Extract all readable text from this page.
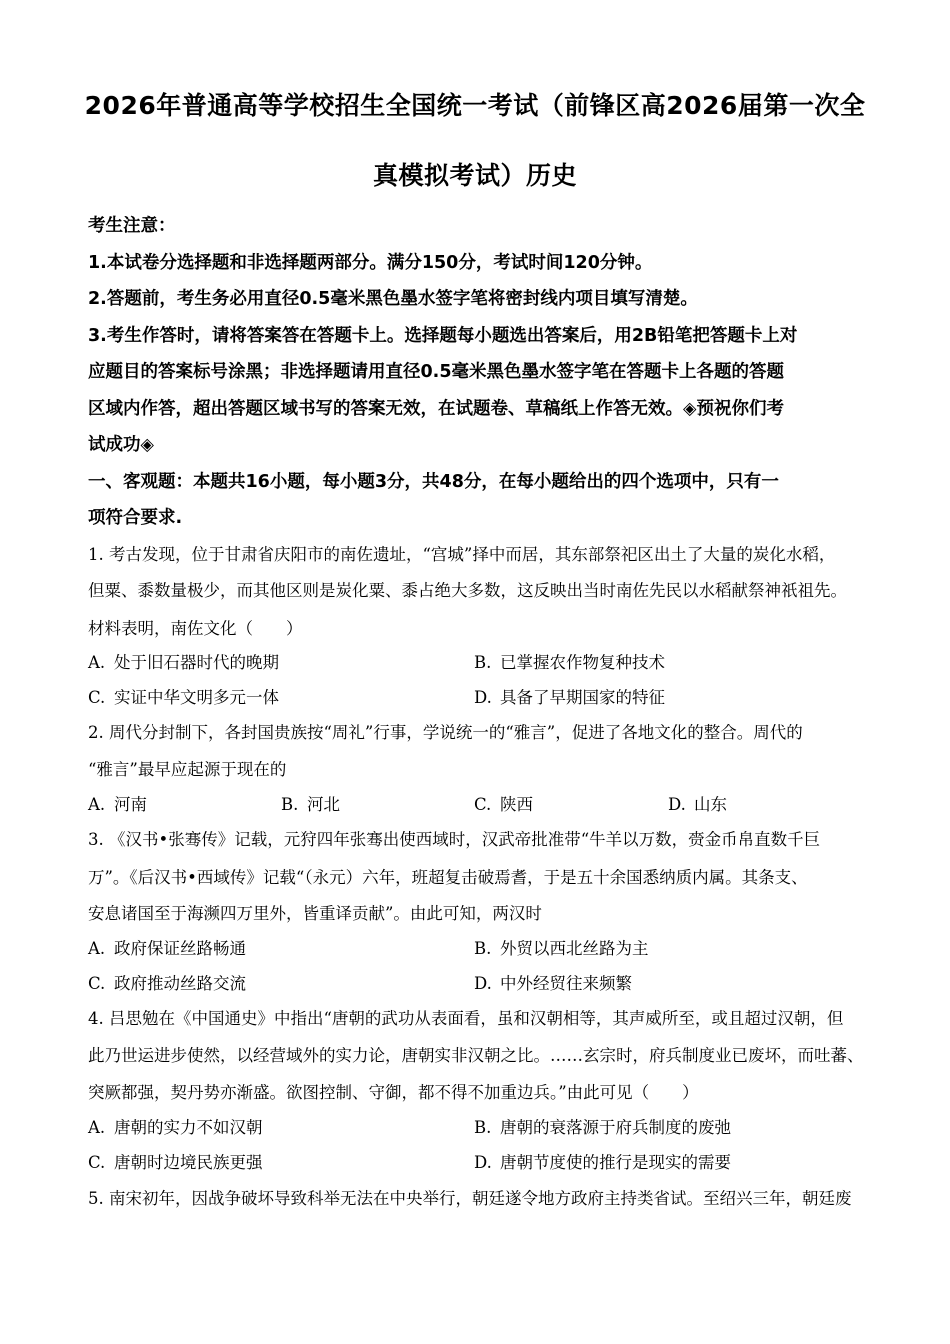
2026年普通高等学校招生全国统一考试（前锋区高2026届第一次全
真模拟考试）历史
考生注意：
1.本试卷分选择题和非选择题两部分。满分150分，考试时间120分钟。
2.答题前，考生务必用直径0.5毫米黑色墨水签字笔将密封线内项目填写清楚。
3.考生作答时，请将答案答在答题卡上。选择题每小题选出答案后，用2B铅笔把答题卡上对
应题目的答案标号涂黑；非选择题请用直径0.5毫米黑色墨水签字笔在答题卡上各题的答题
区域内作答，超出答题区域书写的答案无效，在试题卷、草稿纸上作答无效。◈预祝你们考
试成功◈
一、客观题：本题共16小题，每小题3分，共48分，在每小题给出的四个选项中，只有一
项符合要求.
1. 考古发现，位于甘肃省庆阳市的南佐遗址，“宫城”择中而居，其东部祭祀区出土了大量的炭化水稻，
但粟、黍数量极少，而其他区则是炭化粟、黍占绝大多数，这反映出当时南佐先民以水稻献祭神祇祖先。
材料表明，南佐文化（　　）
A. 处于旧石器时代的晚期	B. 已掌握农作物复种技术
C. 实证中华文明多元一体	D. 具备了早期国家的特征
2. 周代分封制下，各封国贵族按“周礼”行事，学说统一的“雅言”，促进了各地文化的整合。周代的
“雅言”最早应起源于现在的
A. 河南	B. 河北	C. 陕西	D. 山东
3. 《汉书•张骞传》记载，元狩四年张骞出使西域时，汉武帝批准带“牛羊以万数，赍金币帛直数千巨
万”。《后汉书•西域传》记载“（永元）六年，班超复击破焉耆，于是五十余国悉纳质内属。其条支、
安息诸国至于海濒四万里外，皆重译贡献”。由此可知，两汉时
A. 政府保证丝路畅通	B. 外贸以西北丝路为主
C. 政府推动丝路交流	D. 中外经贸往来频繁
4. 吕思勉在《中国通史》中指出“唐朝的武功从表面看，虽和汉朝相等，其声威所至，或且超过汉朝，但
此乃世运进步使然，以经营域外的实力论，唐朝实非汉朝之比。……玄宗时，府兵制度业已废坏，而吐蕃、
突厥都强，契丹势亦渐盛。欲图控制、守御，都不得不加重边兵。”由此可见（　　）
A. 唐朝的实力不如汉朝	B. 唐朝的衰落源于府兵制度的废弛
C. 唐朝时边境民族更强	D. 唐朝节度使的推行是现实的需要
5. 南宋初年，因战争破坏导致科举无法在中央举行，朝廷遂令地方政府主持类省试。至绍兴三年，朝廷废
